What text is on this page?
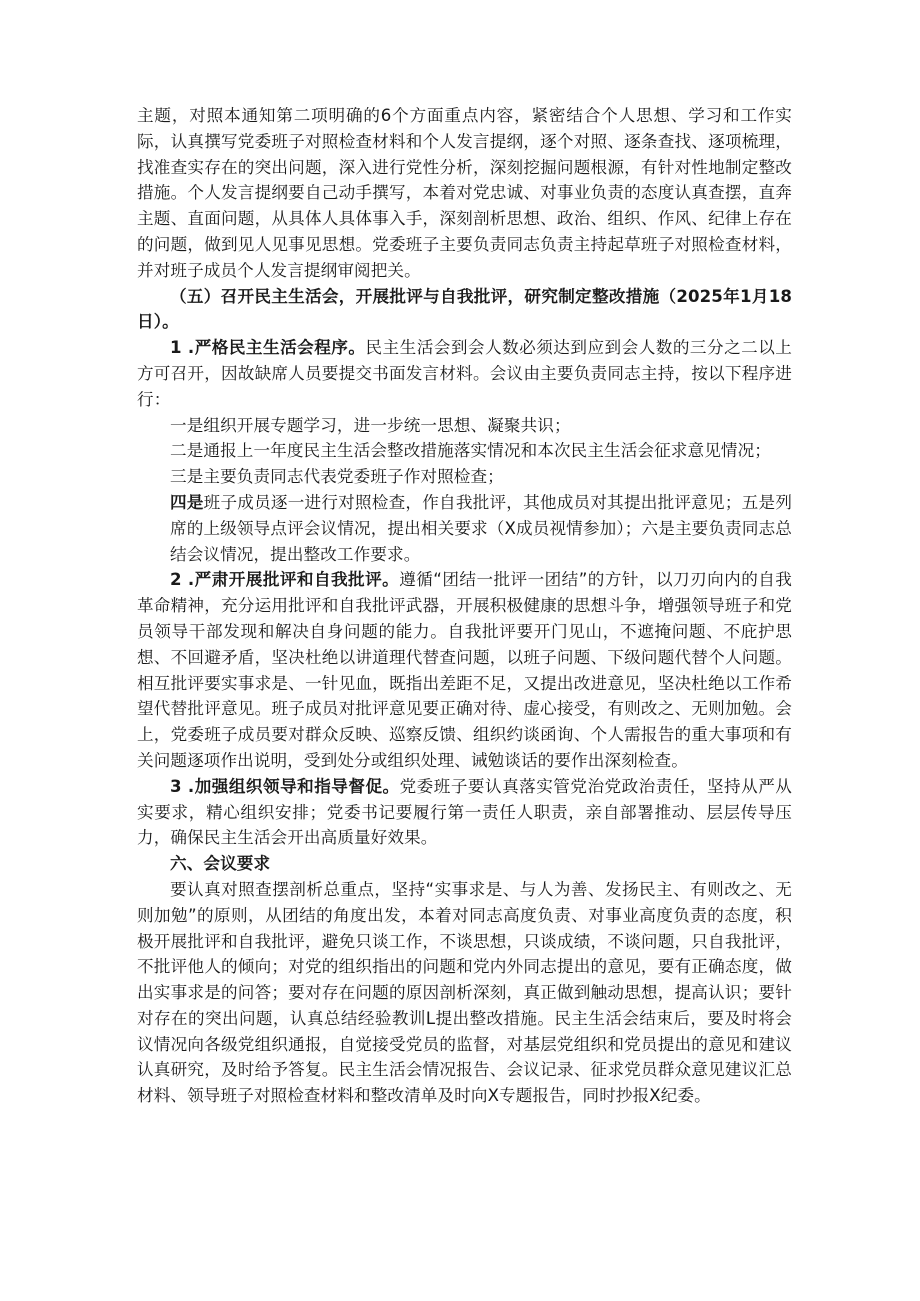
主题，对照本通知第二项明确的6个方面重点内容，紧密结合个人思想、学习和工作实际，认真撰写党委班子对照检查材料和个人发言提纲，逐个对照、逐条查找、逐项梳理，找准查实存在的突出问题，深入进行党性分析，深刻挖掘问题根源，有针对性地制定整改措施。个人发言提纲要自己动手撰写，本着对党忠诚、对事业负责的态度认真查摆，直奔主题、直面问题，从具体人具体事入手，深刻剖析思想、政治、组织、作风、纪律上存在的问题，做到见人见事见思想。党委班子主要负责同志负责主持起草班子对照检查材料，并对班子成员个人发言提纲审阅把关。

（五）召开民主生活会，开展批评与自我批评，研究制定整改措施（2025年1月18日）。

1 .严格民主生活会程序。民主生活会到会人数必须达到应到会人数的三分之二以上方可召开，因故缺席人员要提交书面发言材料。会议由主要负责同志主持，按以下程序进行：

一是组织开展专题学习，进一步统一思想、凝聚共识；

二是通报上一年度民主生活会整改措施落实情况和本次民主生活会征求意见情况；

三是主要负责同志代表党委班子作对照检查；

四是班子成员逐一进行对照检查，作自我批评，其他成员对其提出批评意见；五是列席的上级领导点评会议情况，提出相关要求（X成员视情参加）；六是主要负责同志总结会议情况，提出整改工作要求。

2 .严肃开展批评和自我批评。遵循“团结一批评一团结”的方针，以刀刃向内的自我革命精神，充分运用批评和自我批评武器，开展积极健康的思想斗争，增强领导班子和党员领导干部发现和解决自身问题的能力。自我批评要开门见山，不遮掩问题、不庇护思想、不回避矛盾，坚决杜绝以讲道理代替查问题，以班子问题、下级问题代替个人问题。相互批评要实事求是、一针见血，既指出差距不足，又提出改进意见，坚决杜绝以工作希望代替批评意见。班子成员对批评意见要正确对待、虚心接受，有则改之、无则加勉。会上，党委班子成员要对群众反映、巡察反馈、组织约谈函询、个人需报告的重大事项和有关问题逐项作出说明，受到处分或组织处理、诫勉谈话的要作出深刻检查。

3 .加强组织领导和指导督促。党委班子要认真落实管党治党政治责任，坚持从严从实要求，精心组织安排；党委书记要履行第一责任人职责，亲自部署推动、层层传导压力，确保民主生活会开出高质量好效果。

六、会议要求

要认真对照查摆剖析总重点，坚持“实事求是、与人为善、发扬民主、有则改之、无则加勉”的原则，从团结的角度出发，本着对同志高度负责、对事业高度负责的态度，积极开展批评和自我批评，避免只谈工作，不谈思想，只谈成绩，不谈问题，只自我批评，不批评他人的倾向；对党的组织指出的问题和党内外同志提出的意见，要有正确态度，做出实事求是的问答；要对存在问题的原因剖析深刻，真正做到触动思想，提高认识；要针对存在的突出问题，认真总结经验教训L提出整改措施。民主生活会结束后，要及时将会议情况向各级党组织通报，自觉接受党员的监督，对基层党组织和党员提出的意见和建议认真研究，及时给予答复。民主生活会情况报告、会议记录、征求党员群众意见建议汇总材料、领导班子对照检查材料和整改清单及时向X专题报告，同时抄报X纪委。
